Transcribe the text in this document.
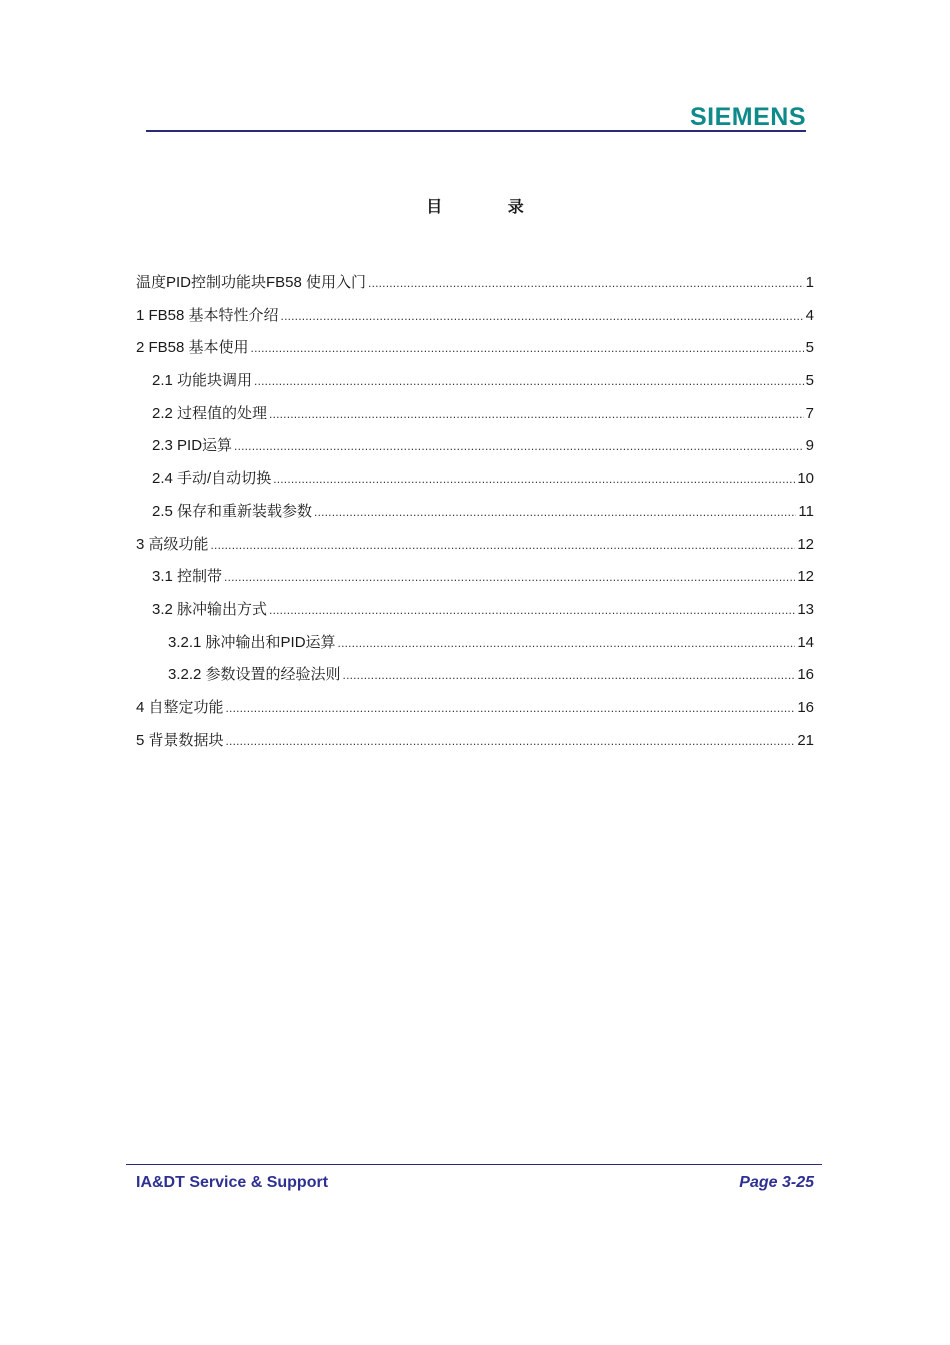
SIEMENS
目 录
温度PID控制功能块FB58 使用入门 .....	1
1 FB58 基本特性介绍 .....	4
2 FB58 基本使用 .....	5
2.1 功能块调用 .....	5
2.2 过程值的处理 .....	7
2.3 PID运算 .....	9
2.4 手动/自动切换 .....	10
2.5 保存和重新装载参数 .....	11
3 高级功能 .....	12
3.1 控制带 .....	12
3.2 脉冲输出方式 .....	13
3.2.1 脉冲输出和PID运算 .....	14
3.2.2 参数设置的经验法则 .....	16
4 自整定功能 .....	16
5 背景数据块 .....	21
IA&DT Service & Support	Page 3-25
